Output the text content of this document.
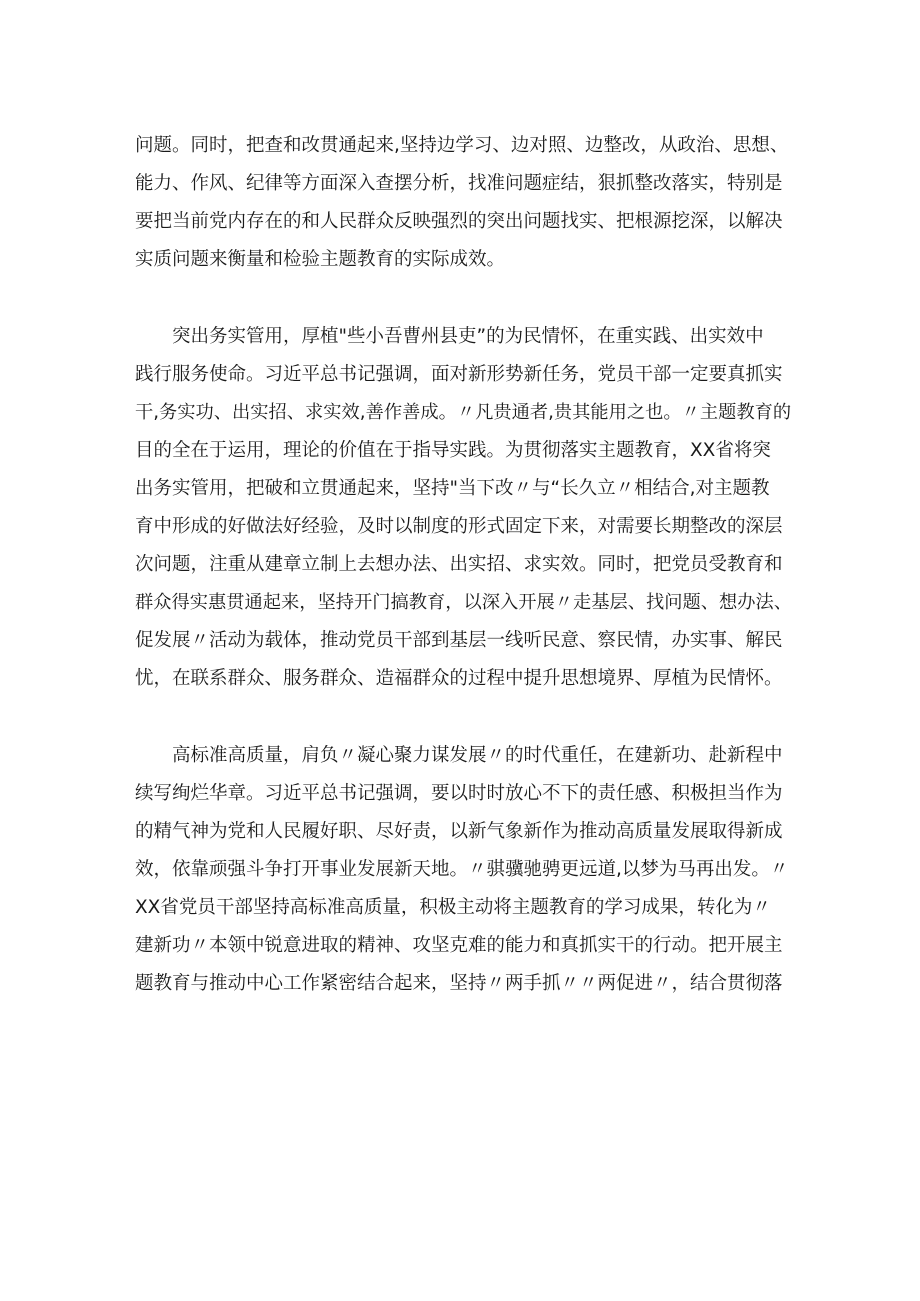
问题。同时，把查和改贯通起来,坚持边学习、边对照、边整改，从政治、思想、
能力、作风、纪律等方面深入查摆分析，找准问题症结，狠抓整改落实，特别是
要把当前党内存在的和人民群众反映强烈的突出问题找实、把根源挖深，以解决
实质问题来衡量和检验主题教育的实际成效。
突出务实管用，厚植"些小吾曹州县吏”的为民情怀，在重实践、出实效中
践行服务使命。习近平总书记强调，面对新形势新任务，党员干部一定要真抓实
干,务实功、出实招、求实效,善作善成。〃凡贵通者,贵其能用之也。〃主题教育的
目的全在于运用，理论的价值在于指导实践。为贯彻落实主题教育，XX省将突
出务实管用，把破和立贯通起来，坚持"当下改〃与“长久立〃相结合,对主题教
育中形成的好做法好经验，及时以制度的形式固定下来，对需要长期整改的深层
次问题，注重从建章立制上去想办法、出实招、求实效。同时，把党员受教育和
群众得实惠贯通起来，坚持开门搞教育，以深入开展〃走基层、找问题、想办法、
促发展〃活动为载体，推动党员干部到基层一线听民意、察民情，办实事、解民
忧，在联系群众、服务群众、造福群众的过程中提升思想境界、厚植为民情怀。
高标准高质量，肩负〃凝心聚力谋发展〃的时代重任，在建新功、赴新程中
续写绚烂华章。习近平总书记强调，要以时时放心不下的责任感、积极担当作为
的精气神为党和人民履好职、尽好责，以新气象新作为推动高质量发展取得新成
效，依靠顽强斗争打开事业发展新天地。〃骐骥驰骋更远道,以梦为马再出发。〃
XX省党员干部坚持高标准高质量，积极主动将主题教育的学习成果，转化为〃
建新功〃本领中锐意进取的精神、攻坚克难的能力和真抓实干的行动。把开展主
题教育与推动中心工作紧密结合起来，坚持〃两手抓〃〃两促进〃，结合贯彻落
